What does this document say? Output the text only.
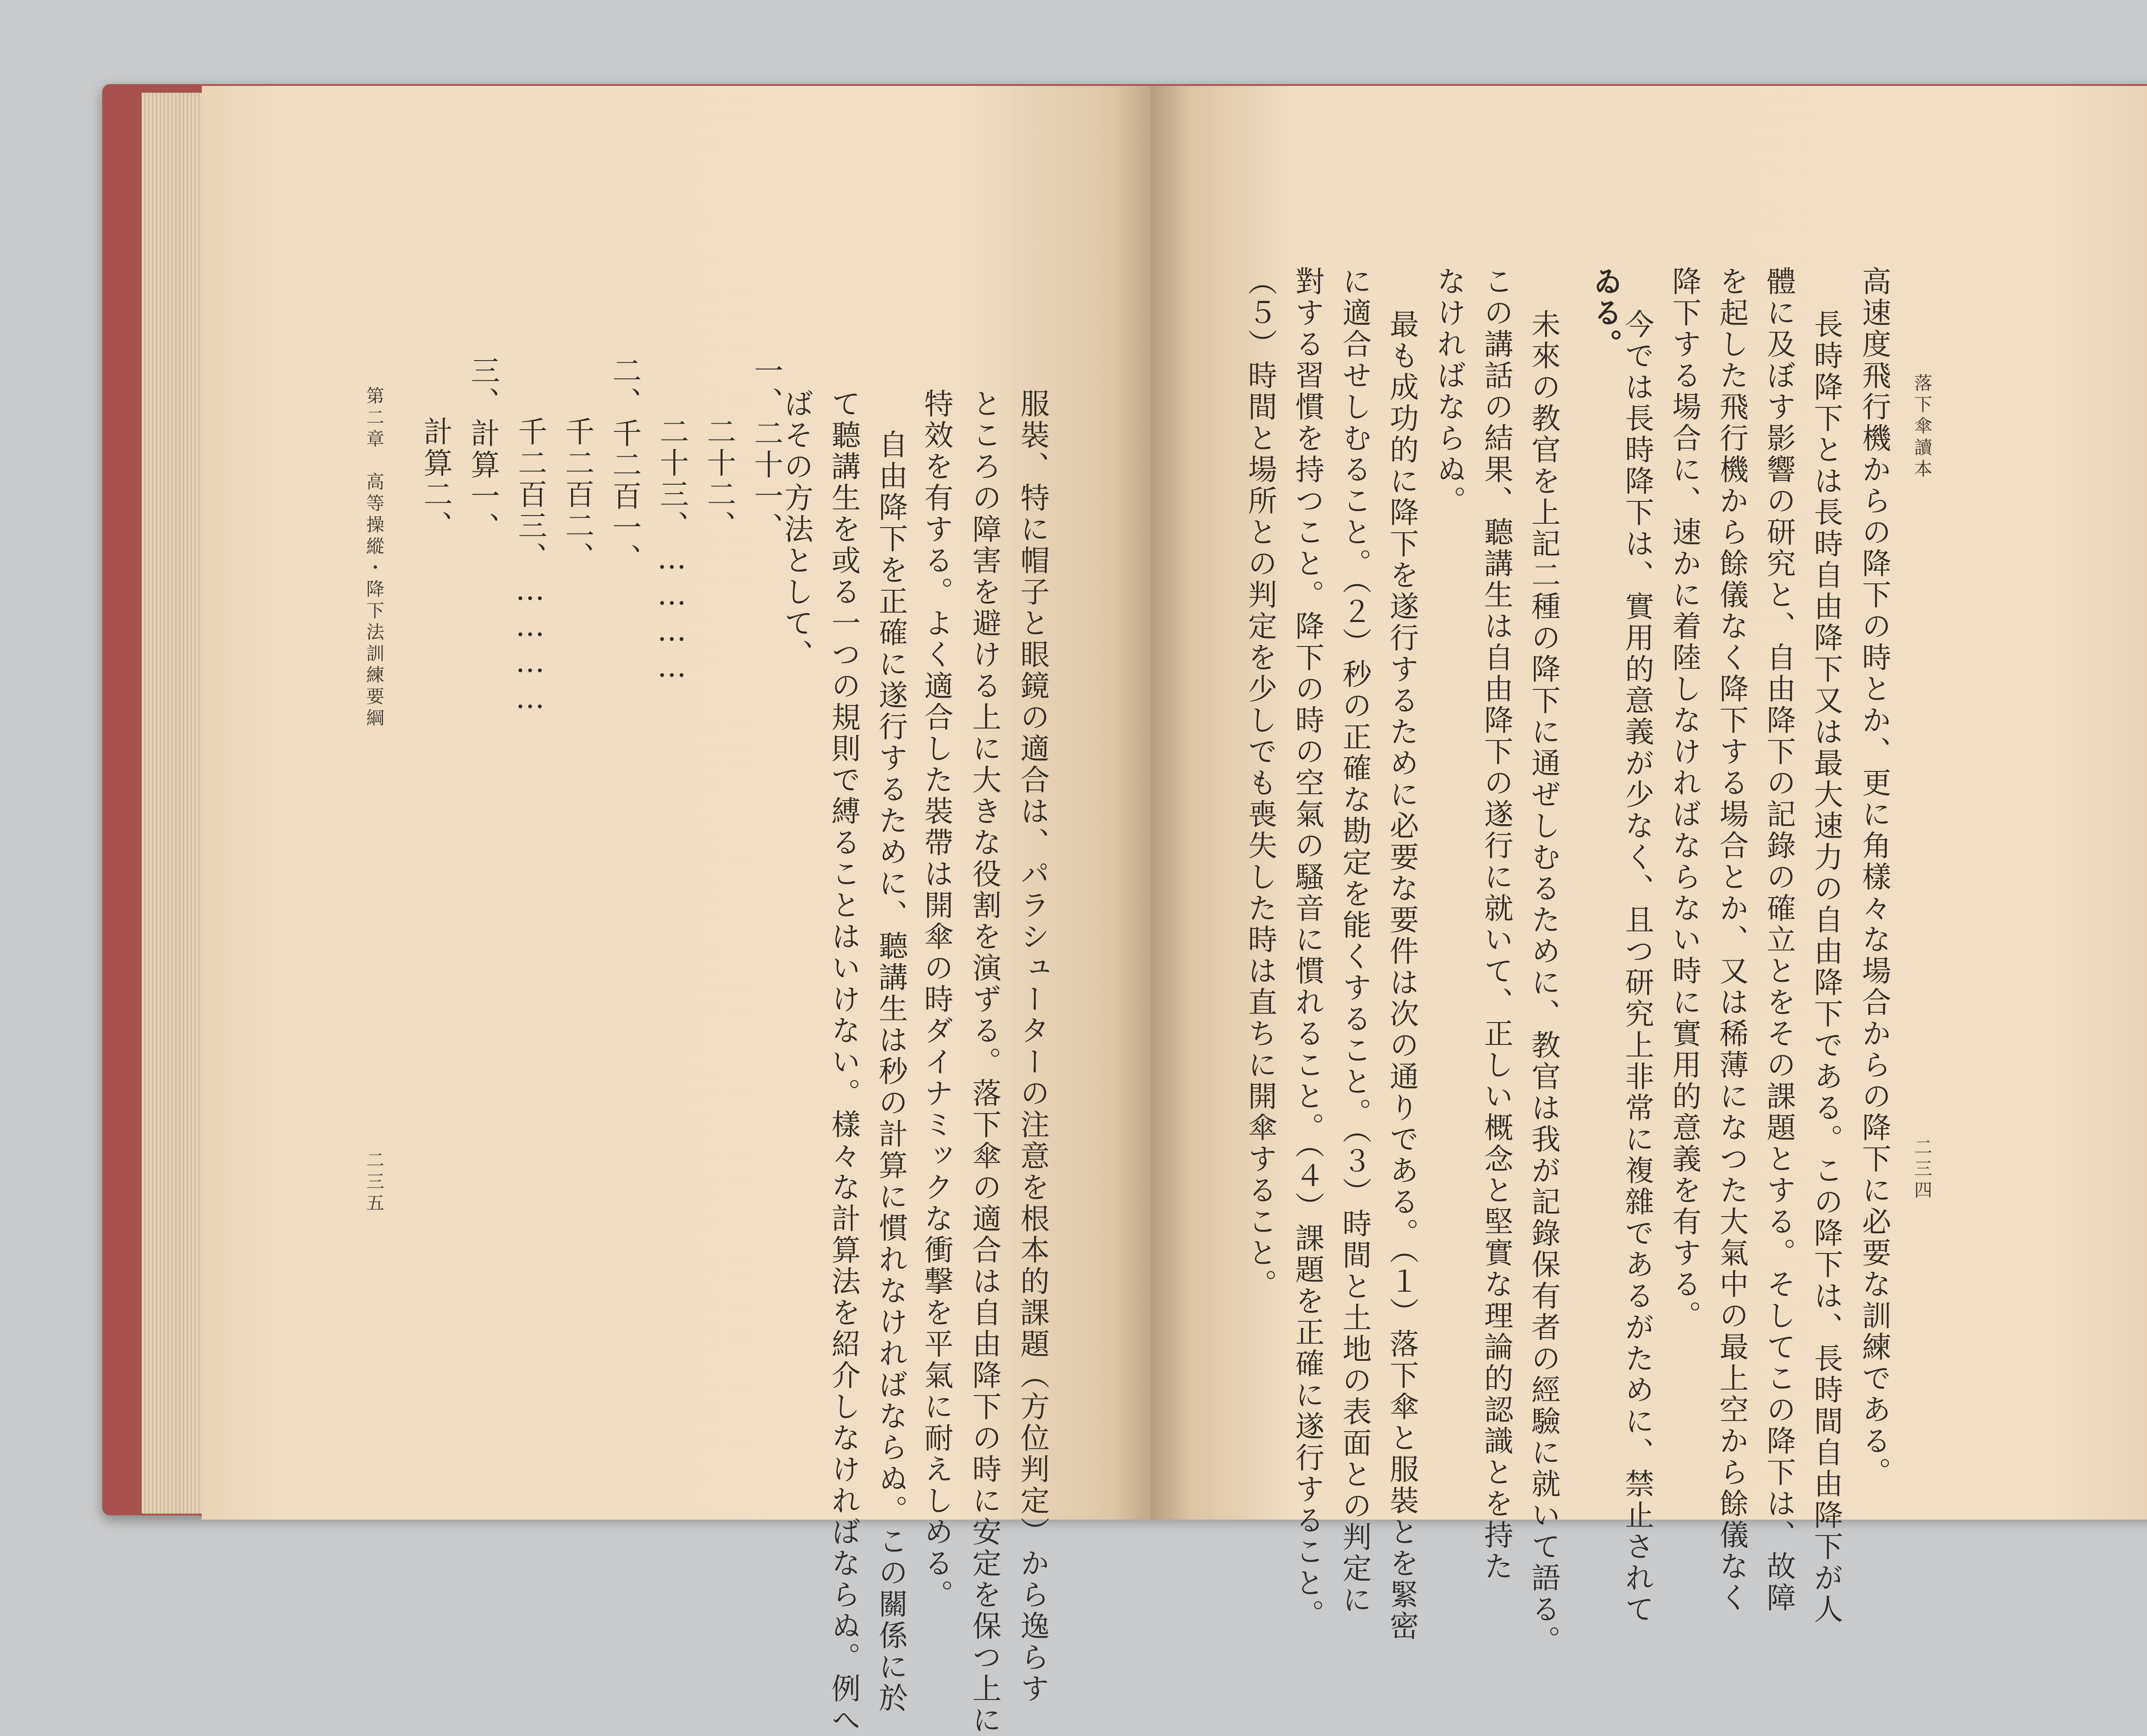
服裝、特に帽子と眼鏡の適合は、パラシューターの注意を根本的課題（方位判定）から逸らす
ところの障害を避ける上に大きな役割を演ずる。落下傘の適合は自由降下の時に安定を保つ上に
特效を有する。よく適合した裝帶は開傘の時ダイナミックな衝撃を平氣に耐えしめる。
自由降下を正確に遂行するために、聽講生は秒の計算に慣れなければならぬ。この關係に於
て聽講生を或る一つの規則で縛ることはいけない。樣々な計算法を紹介しなければならぬ。例へ
ばその方法として、
一、二十一、
二十二、
二十三、…………
二、千二百一、
千二百二、
千二百三、…………
三、計算一、
計算二、
第二章　高等操縱・降下法訓練要綱
二三五
落下傘讀本
二三四
高速度飛行機からの降下の時とか、更に角樣々な場合からの降下に必要な訓練である。
長時降下とは長時自由降下又は最大速力の自由降下である。この降下は、長時間自由降下が人
體に及ぼす影響の研究と、自由降下の記錄の確立とをその課題とする。そしてこの降下は、故障
を起した飛行機から餘儀なく降下する場合とか、又は稀薄になつた大氣中の最上空から餘儀なく
降下する場合に、速かに着陸しなければならない時に實用的意義を有する。
今では長時降下は、實用的意義が少なく、且つ研究上非常に複雜であるがために、禁止されて
ゐる。
未來の教官を上記二種の降下に通ぜしむるために、教官は我が記錄保有者の經驗に就いて語る。
この講話の結果、聽講生は自由降下の遂行に就いて、正しい概念と堅實な理論的認識とを持た
なければならぬ。
最も成功的に降下を遂行するために必要な要件は次の通りである。（１）落下傘と服裝とを緊密
に適合せしむること。（２）秒の正確な勘定を能くすること。（３）時間と土地の表面との判定に
對する習慣を持つこと。降下の時の空氣の騷音に慣れること。（４）課題を正確に遂行すること。
（５）時間と場所との判定を少しでも喪失した時は直ちに開傘すること。
